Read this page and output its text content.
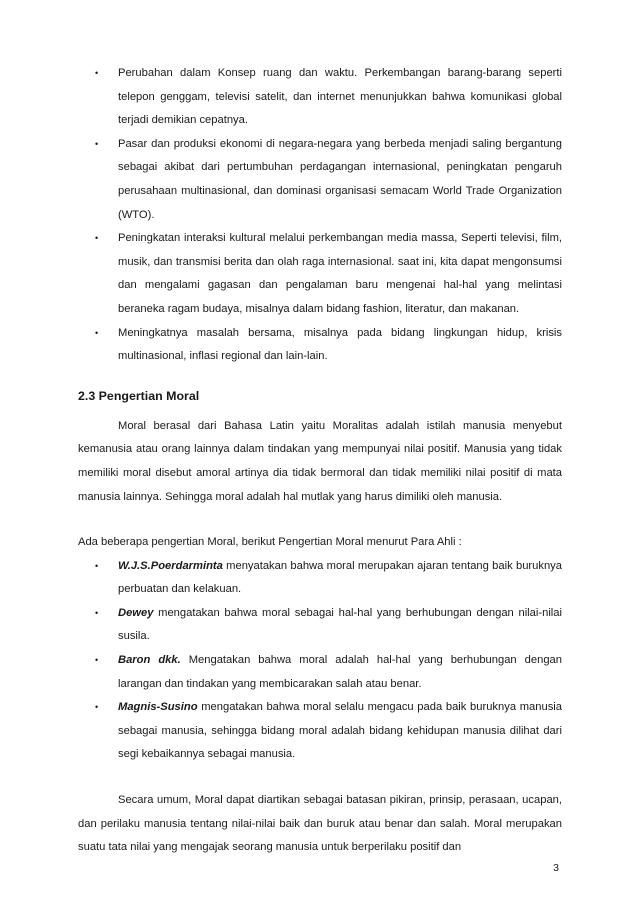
• Perubahan dalam Konsep ruang dan waktu. Perkembangan barang-barang seperti telepon genggam, televisi satelit, dan internet menunjukkan bahwa komunikasi global terjadi demikian cepatnya.
• Pasar dan produksi ekonomi di negara-negara yang berbeda menjadi saling bergantung sebagai akibat dari pertumbuhan perdagangan internasional, peningkatan pengaruh perusahaan multinasional, dan dominasi organisasi semacam World Trade Organization (WTO).
• Peningkatan interaksi kultural melalui perkembangan media massa, Seperti televisi, film, musik, dan transmisi berita dan olah raga internasional. saat ini, kita dapat mengonsumsi dan mengalami gagasan dan pengalaman baru mengenai hal-hal yang melintasi beraneka ragam budaya, misalnya dalam bidang fashion, literatur, dan makanan.
• Meningkatnya masalah bersama, misalnya pada bidang lingkungan hidup, krisis multinasional, inflasi regional dan lain-lain.
2.3 Pengertian Moral

Moral berasal dari Bahasa Latin yaitu Moralitas adalah istilah manusia menyebut kemanusia atau orang lainnya dalam tindakan yang mempunyai nilai positif. Manusia yang tidak memiliki moral disebut amoral artinya dia tidak bermoral dan tidak memiliki nilai positif di mata manusia lainnya. Sehingga moral adalah hal mutlak yang harus dimiliki oleh manusia.

Ada beberapa pengertian Moral, berikut Pengertian Moral menurut Para Ahli :

• W.J.S.Poerdarminta menyatakan bahwa moral merupakan ajaran tentang baik buruknya perbuatan dan kelakuan.
• Dewey mengatakan bahwa moral sebagai hal-hal yang berhubungan dengan nilai-nilai susila.
• Baron dkk. Mengatakan bahwa moral adalah hal-hal yang berhubungan dengan larangan dan tindakan yang membicarakan salah atau benar.
• Magnis-Susino mengatakan bahwa moral selalu mengacu pada baik buruknya manusia sebagai manusia, sehingga bidang moral adalah bidang kehidupan manusia dilihat dari segi kebaikannya sebagai manusia.

Secara umum, Moral dapat diartikan sebagai batasan pikiran, prinsip, perasaan, ucapan, dan perilaku manusia tentang nilai-nilai baik dan buruk atau benar dan salah. Moral merupakan suatu tata nilai yang mengajak seorang manusia untuk berperilaku positif dan

3
